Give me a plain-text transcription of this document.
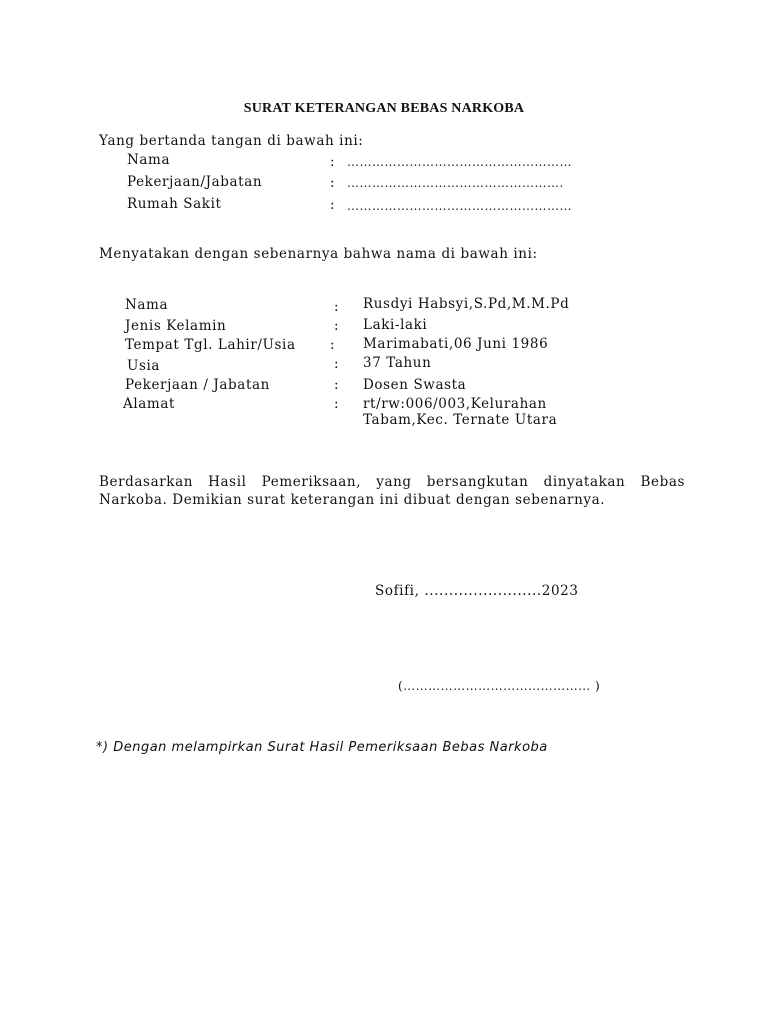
SURAT KETERANGAN BEBAS NARKOBA
Yang bertanda tangan di bawah ini:
Nama	: ………………………………………………
Pekerjaan/Jabatan	: …………………………………………….
Rumah Sakit	: ………………………………………………
Menyatakan dengan sebenarnya bahwa nama di bawah ini:
Nama	: Rusdyi Habsyi,S.Pd,M.M.Pd
Jenis Kelamin	: Laki-laki
Tempat Tgl. Lahir/Usia	: Marimabati,06 Juni 1986
Usia	: 37 Tahun
Pekerjaan / Jabatan	: Dosen Swasta
Alamat	: rt/rw:006/003,Kelurahan
Tabam,Kec. Ternate Utara
Berdasarkan Hasil Pemeriksaan, yang bersangkutan dinyatakan Bebas Narkoba. Demikian surat keterangan ini dibuat dengan sebenarnya.
Sofifi, ........................2023
(……………………………………… )
*) Dengan melampirkan Surat Hasil Pemeriksaan Bebas Narkoba
